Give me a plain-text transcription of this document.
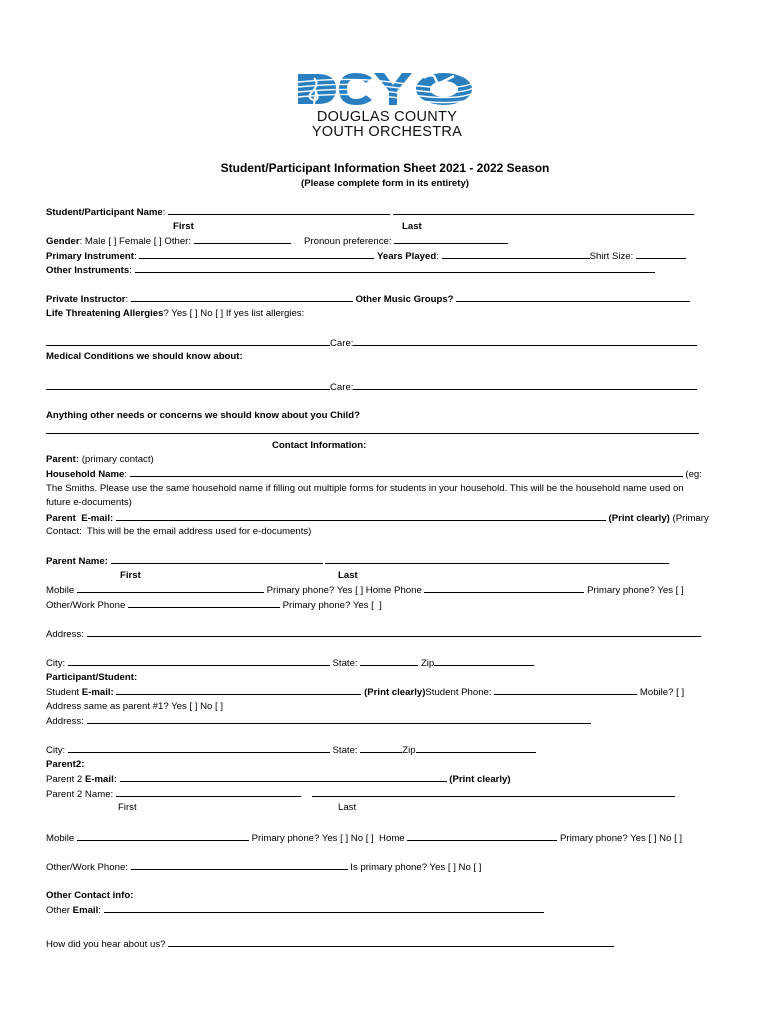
DOUGLAS COUNTY
YOUTH ORCHESTRA
Student/Participant Information Sheet 2021 - 2022 Season
(Please complete form in its entirety)
Student/Participant Name:
First	Last
Gender: Male [ ] Female [ ] Other:	Pronoun preference:
Primary Instrument:	Years Played:	Shirt Size:
Other Instruments:
Private Instructor:	Other Music Groups?
Life Threatening Allergies? Yes [ ] No [ ] If yes list allergies:
Care:
Medical Conditions we should know about:
Care:
Anything other needs or concerns we should know about you Child?
Contact Information:
Parent: (primary contact)
Household Name:	(eg:
The Smiths. Please use the same household name if filling out multiple forms for students in your household. This will be the household name used on
future e-documents)
Parent  E-mail:	(Print clearly) (Primary
Contact:  This will be the email address used for e-documents)
Parent Name:
First	Last
Mobile	Primary phone? Yes [ ] Home Phone	Primary phone? Yes [ ]
Other/Work Phone	Primary phone? Yes [  ]
Address:
City:	State:	Zip
Participant/Student:
Student E-mail:	(Print clearly)Student Phone:	Mobile? [ ]
Address same as parent #1? Yes [ ] No [ ]
Address:
City:	State:	Zip
Parent2:
Parent 2 E-mail:	(Print clearly)
Parent 2 Name:
First	Last
Mobile	Primary phone? Yes [ ] No [ ]  Home	Primary phone? Yes [ ] No [ ]
Other/Work Phone:	Is primary phone? Yes [ ] No [ ]
Other Contact info:
Other Email:
How did you hear about us?
